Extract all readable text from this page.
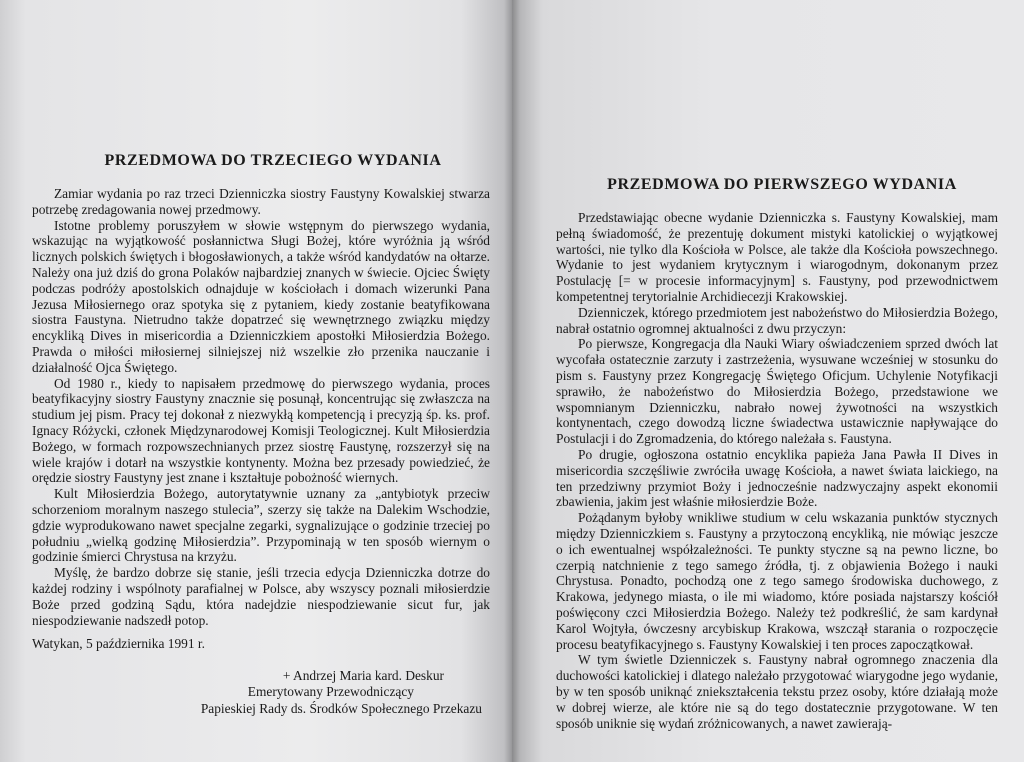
PRZEDMOWA DO TRZECIEGO WYDANIA

Zamiar wydania po raz trzeci Dzienniczka siostry Faustyny Kowalskiej stwarza potrzebę zredagowania nowej przedmowy.

Istotne problemy poruszyłem w słowie wstępnym do pierwszego wydania, wskazując na wyjątkowość posłannictwa Sługi Bożej, które wyróżnia ją wśród licznych polskich świętych i błogosławionych, a także wśród kandydatów na ołtarze. Należy ona już dziś do grona Polaków najbardziej znanych w świecie. Ojciec Święty podczas podróży apostolskich odnajduje w kościołach i domach wizerunki Pana Jezusa Miłosiernego oraz spotyka się z pytaniem, kiedy zostanie beatyfikowana siostra Faustyna. Nietrudno także dopatrzeć się wewnętrznego związku między encykliką Dives in misericordia a Dzienniczkiem apostołki Miłosierdzia Bożego. Prawda o miłości miłosiernej silniejszej niż wszelkie zło przenika nauczanie i działalność Ojca Świętego.

Od 1980 r., kiedy to napisałem przedmowę do pierwszego wydania, proces beatyfikacyjny siostry Faustyny znacznie się posunął, koncentrując się zwłaszcza na studium jej pism. Pracy tej dokonał z niezwykłą kompetencją i precyzją śp. ks. prof. Ignacy Różycki, członek Międzynarodowej Komisji Teologicznej. Kult Miłosierdzia Bożego, w formach rozpowszechnianych przez siostrę Faustynę, rozszerzył się na wiele krajów i dotarł na wszystkie kontynenty. Można bez przesady powiedzieć, że orędzie siostry Faustyny jest znane i kształtuje pobożność wiernych.

Kult Miłosierdzia Bożego, autorytatywnie uznany za „antybiotyk przeciw schorzeniom moralnym naszego stulecia”, szerzy się także na Dalekim Wschodzie, gdzie wyprodukowano nawet specjalne zegarki, sygnalizujące o godzinie trzeciej po południu „wielką godzinę Miłosierdzia”. Przypominają w ten sposób wiernym o godzinie śmierci Chrystusa na krzyżu.

Myślę, że bardzo dobrze się stanie, jeśli trzecia edycja Dzienniczka dotrze do każdej rodziny i wspólnoty parafialnej w Polsce, aby wszyscy poznali miłosierdzie Boże przed godziną Sądu, która nadejdzie niespodziewanie sicut fur, jak niespodziewanie nadszedł potop.

Watykan, 5 października 1991 r.
+ Andrzej Maria kard. Deskur
Emerytowany Przewodniczący
Papieskiej Rady ds. Środków Społecznego Przekazu
PRZEDMOWA DO PIERWSZEGO WYDANIA

Przedstawiając obecne wydanie Dzienniczka s. Faustyny Kowalskiej, mam pełną świadomość, że prezentuję dokument mistyki katolickiej o wyjątkowej wartości, nie tylko dla Kościoła w Polsce, ale także dla Kościoła powszechnego. Wydanie to jest wydaniem krytycznym i wiarogodnym, dokonanym przez Postulację [= w procesie informacyjnym] s. Faustyny, pod przewodnictwem kompetentnej terytorialnie Archidiecezji Krakowskiej.

Dzienniczek, którego przedmiotem jest nabożeństwo do Miłosierdzia Bożego, nabrał ostatnio ogromnej aktualności z dwu przyczyn:

Po pierwsze, Kongregacja dla Nauki Wiary oświadczeniem sprzed dwóch lat wycofała ostatecznie zarzuty i zastrzeżenia, wysuwane wcześniej w stosunku do pism s. Faustyny przez Kongregację Świętego Oficjum. Uchylenie Notyfikacji sprawiło, że nabożeństwo do Miłosierdzia Bożego, przedstawione we wspomnianym Dzienniczku, nabrało nowej żywotności na wszystkich kontynentach, czego dowodzą liczne świadectwa ustawicznie napływające do Postulacji i do Zgromadzenia, do którego należała s. Faustyna.

Po drugie, ogłoszona ostatnio encyklika papieża Jana Pawła II Dives in misericordia szczęśliwie zwróciła uwagę Kościoła, a nawet świata laickiego, na ten przedziwny przymiot Boży i jednocześnie nadzwyczajny aspekt ekonomii zbawienia, jakim jest właśnie miłosierdzie Boże.

Pożądanym byłoby wnikliwe studium w celu wskazania punktów stycznych między Dzienniczkiem s. Faustyny a przytoczoną encykliką, nie mówiąc jeszcze o ich ewentualnej współzależności. Te punkty styczne są na pewno liczne, bo czerpią natchnienie z tego samego źródła, tj. z objawienia Bożego i nauki Chrystusa. Ponadto, pochodzą one z tego samego środowiska duchowego, z Krakowa, jedynego miasta, o ile mi wiadomo, które posiada najstarszy kościół poświęcony czci Miłosierdzia Bożego. Należy też podkreślić, że sam kardynał Karol Wojtyła, ówczesny arcybiskup Krakowa, wszczął starania o rozpoczęcie procesu beatyfikacyjnego s. Faustyny Kowalskiej i ten proces zapoczątkował.

W tym świetle Dzienniczek s. Faustyny nabrał ogromnego znaczenia dla duchowości katolickiej i dlatego należało przygotować wiarygodne jego wydanie, by w ten sposób uniknąć zniekształcenia tekstu przez osoby, które działają może w dobrej wierze, ale które nie są do tego dostatecznie przygotowane. W ten sposób uniknie się wydań zróżnicowanych, a nawet zawierają-
